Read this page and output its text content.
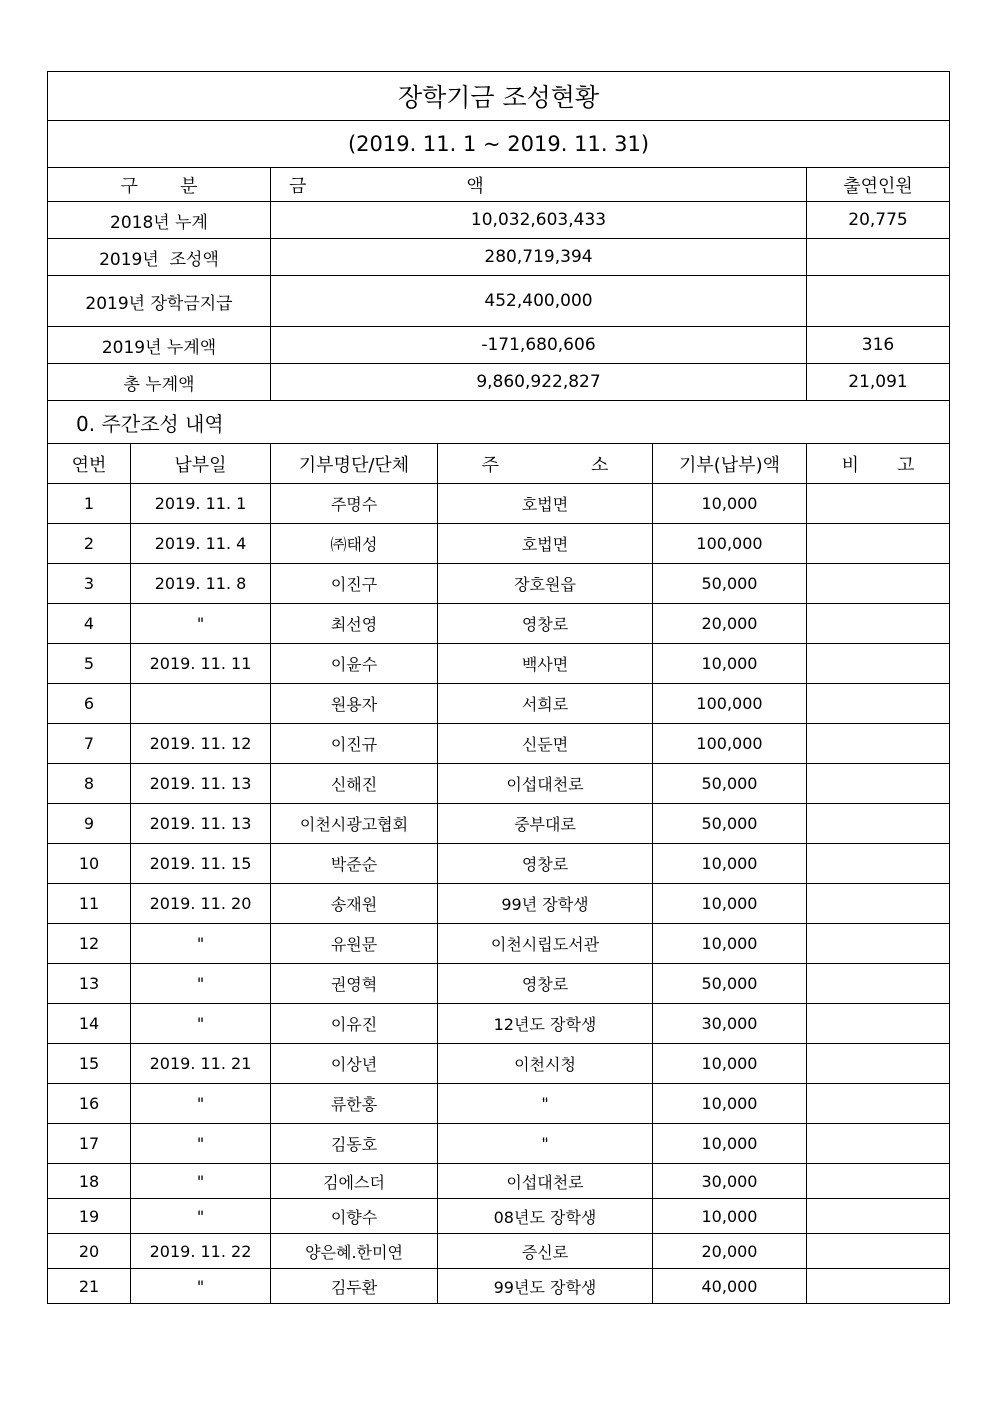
장학기금 조성현황					
(2019. 11. 1 ~ 2019. 11. 31)					
구 분		금 액			출연인원
2018년 누계		10,032,603,433			20,775
2019년  조성액		280,719,394			
2019년 장학금지급		452,400,000			
2019년 누계액		-171,680,606			316
총 누계액		9,860,922,827			21,091
0. 주간조성 내역					
연번	납부일	기부명단/단체	주 소	기부(납부)액	비 고
1	2019. 11. 1	주명수	호법면	10,000	
2	2019. 11. 4	㈜태성	호법면	100,000	
3	2019. 11. 8	이진구	장호원읍	50,000	
4	"	최선영	영창로	20,000	
5	2019. 11. 11	이윤수	백사면	10,000	
6		원용자	서희로	100,000	
7	2019. 11. 12	이진규	신둔면	100,000	
8	2019. 11. 13	신해진	이섭대천로	50,000	
9	2019. 11. 13	이천시광고협회	중부대로	50,000	
10	2019. 11. 15	박준순	영창로	10,000	
11	2019. 11. 20	송재원	99년 장학생	10,000	
12	"	유원문	이천시립도서관	10,000	
13	"	권영혁	영창로	50,000	
14	"	이유진	12년도 장학생	30,000	
15	2019. 11. 21	이상년	이천시청	10,000	
16	"	류한홍	"	10,000	
17	"	김동호	"	10,000	
18	"	김에스더	이섭대천로	30,000	
19	"	이향수	08년도 장학생	10,000	
20	2019. 11. 22	양은혜.한미연	증신로	20,000	
21	"	김두환	99년도 장학생	40,000	
